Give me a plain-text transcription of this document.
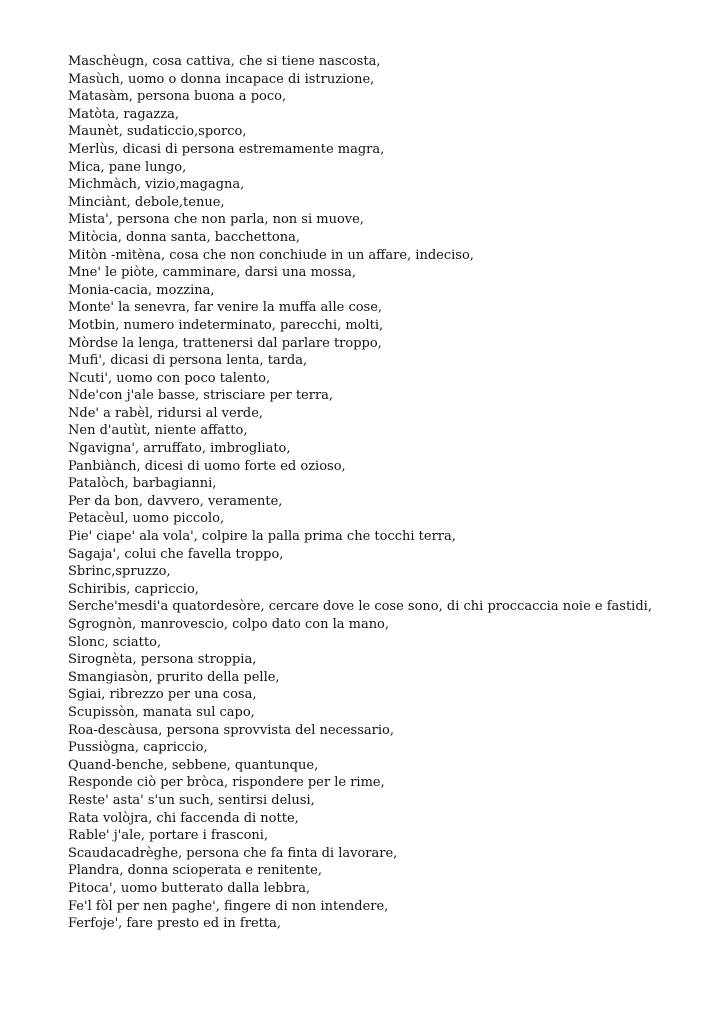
Maschèugn, cosa cattiva, che si tiene nascosta,
Masùch, uomo o donna incapace di istruzione,
Matasàm, persona buona a poco,
Matòta, ragazza,
Maunèt, sudaticcio,sporco,
Merlùs, dicasi di persona estremamente magra,
Mica, pane lungo,
Michmàch, vizio,magagna,
Minciànt, debole,tenue,
Mista', persona che non parla, non si muove,
Mitòcia, donna santa, bacchettona,
Mitòn -mitèna, cosa che non conchiude in un affare, indeciso,
Mne' le piòte, camminare, darsi una mossa,
Monia-cacia, mozzina,
Monte' la senevra, far venire la muffa alle cose,
Motbin, numero indeterminato, parecchi, molti,
Mòrdse la lenga, trattenersi dal parlare troppo,
Mufi', dicasi di persona lenta, tarda,
Ncuti', uomo con poco talento,
Nde'con j'ale basse, strisciare per terra,
Nde' a rabèl, ridursi al verde,
Nen d'autùt, niente affatto,
Ngavigna', arruffato, imbrogliato,
Panbiànch, dicesi di uomo forte ed ozioso,
Patalòch, barbagianni,
Per da bon, davvero, veramente,
Petacèul, uomo piccolo,
Pie' ciape' ala vola', colpire la palla prima che tocchi terra,
Sagaja', colui che favella troppo,
Sbrinc,spruzzo,
Schiribis, capriccio,
Serche'mesdi'a quatordesòre, cercare dove le cose sono, di chi proccaccia noie e fastidi,
Sgrognòn, manrovescio, colpo dato con la mano,
Slonc, sciatto,
Sirognèta, persona stroppia,
Smangiasòn, prurito della pelle,
Sgiai, ribrezzo per una cosa,
Scupissòn, manata sul capo,
Roa-descàusa, persona sprovvista del necessario,
Pussiògna, capriccio,
Quand-benche, sebbene, quantunque,
Responde ciò per bròca, rispondere per le rime,
Reste' asta' s'un such, sentirsi delusi,
Rata volòjra, chi faccenda di notte,
Rable' j'ale, portare i frasconi,
Scaudacadrèghe, persona che fa finta di lavorare,
Plandra, donna scioperata e renitente,
Pitoca', uomo butterato dalla lebbra,
Fe'l fòl per nen paghe', fingere di non intendere,
Ferfoje', fare presto ed in fretta,
